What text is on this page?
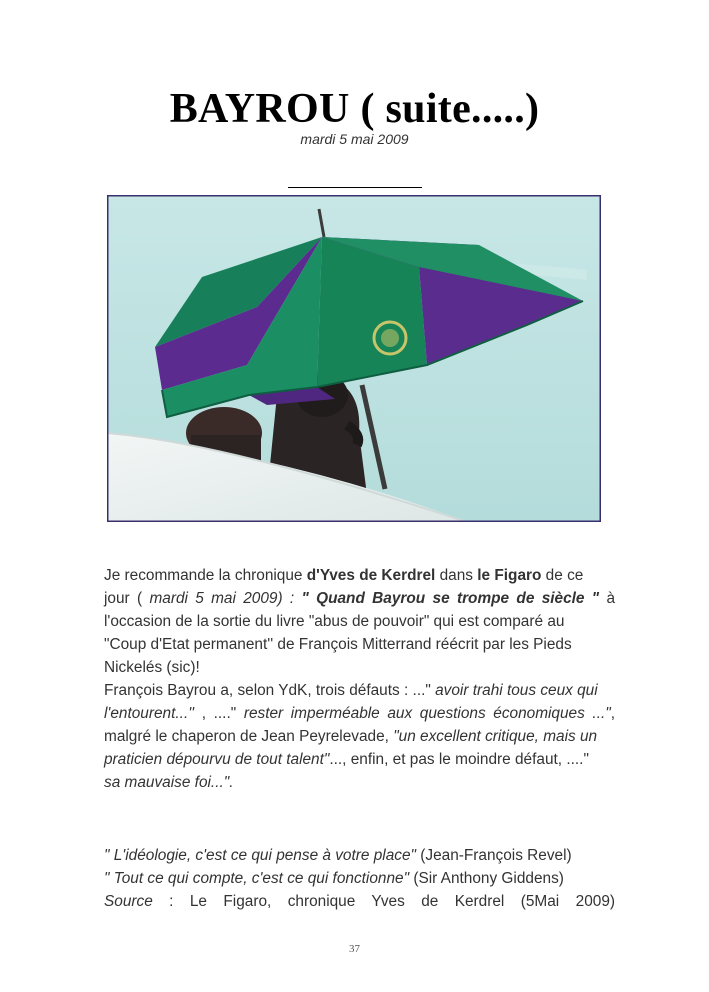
BAYROU ( suite.....)
mardi 5 mai 2009
Je recommande la chronique d'Yves de Kerdrel dans le Figaro de ce
jour ( mardi 5 mai 2009) : " Quand Bayrou se trompe de siècle " à
l'occasion de la sortie du livre "abus de pouvoir" qui est comparé au
"Coup d'Etat permanent'' de François Mitterrand réécrit par les Pieds
Nickelés (sic)!
François Bayrou a, selon YdK, trois défauts : ..." avoir trahi tous ceux qui
l'entourent...'' , ...." rester imperméable aux questions économiques ...",
malgré le chaperon de Jean Peyrelevade, "un excellent critique, mais un
praticien dépourvu de tout talent"..., enfin, et pas le moindre défaut, ...."
sa mauvaise foi...".
" L'idéologie, c'est ce qui pense à votre place" (Jean-François Revel)
" Tout ce qui compte, c'est ce qui fonctionne" (Sir Anthony Giddens)
Source : Le Figaro, chronique Yves de Kerdrel (5Mai 2009)
37
